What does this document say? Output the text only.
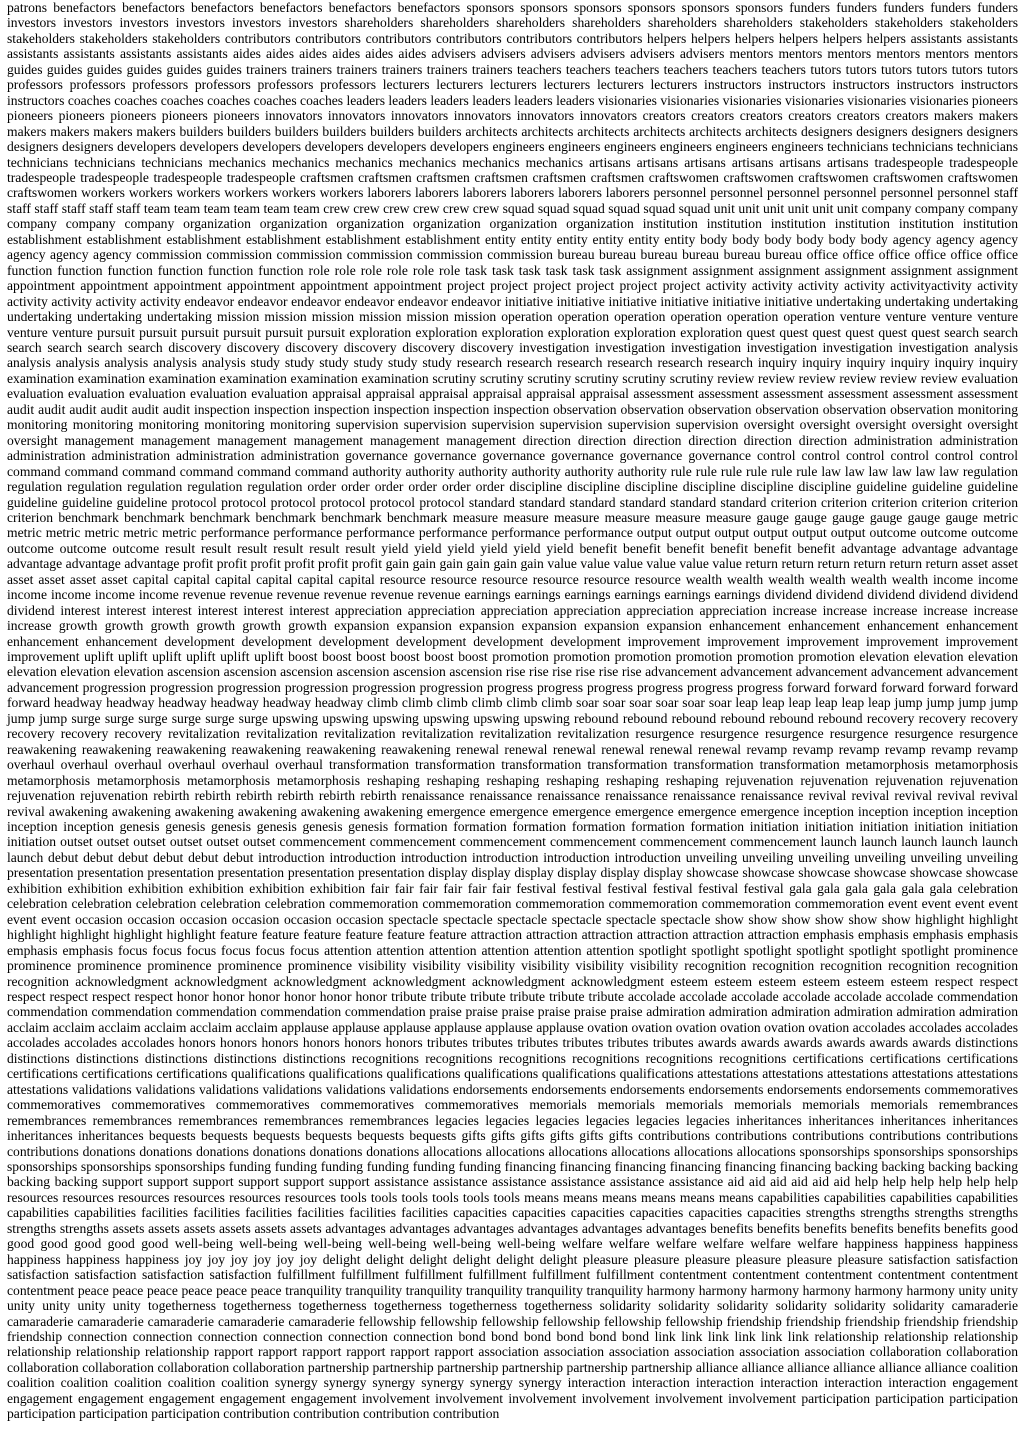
patrons benefactors benefactors benefactors benefactors benefactors benefactors sponsors sponsors sponsors sponsors sponsors sponsors funders funders funders funders funders investors investors investors investors investors investors shareholders shareholders shareholders shareholders shareholders shareholders stakeholders stakeholders stakeholders stakeholders stakeholders stakeholders contributors contributors contributors contributors contributors contributors helpers helpers helpers helpers helpers helpers assistants assistants assistants assistants assistants assistants aides aides aides aides aides aides advisers advisers advisers advisers advisers advisers mentors mentors mentors mentors mentors mentors guides guides guides guides guides guides trainers trainers trainers trainers trainers trainers teachers teachers teachers teachers teachers teachers tutors tutors tutors tutors tutors tutors professors professors professors professors professors professors lecturers lecturers lecturers lecturers lecturers lecturers instructors instructors instructors instructors instructors instructors coaches coaches coaches coaches coaches coaches leaders leaders leaders leaders leaders leaders visionaries visionaries visionaries visionaries visionaries visionaries pioneers pioneers pioneers pioneers pioneers pioneers innovators innovators innovators innovators innovators innovators creators creators creators creators creators creators makers makers makers makers makers makers builders builders builders builders builders builders architects architects architects architects architects architects designers designers designers designers designers designers developers developers developers developers developers developers engineers engineers engineers engineers engineers engineers technicians technicians technicians technicians technicians technicians mechanics mechanics mechanics mechanics mechanics mechanics artisans artisans artisans artisans artisans artisans tradespeople tradespeople tradespeople tradespeople tradespeople tradespeople craftsmen craftsmen craftsmen craftsmen craftsmen craftsmen craftswomen craftswomen craftswomen craftswomen craftswomen craftswomen workers workers workers workers workers workers laborers laborers laborers laborers laborers laborers personnel personnel personnel personnel personnel personnel staff staff staff staff staff staff team team team team team team crew crew crew crew crew crew squad squad squad squad squad squad unit unit unit unit unit unit company company company company company company organization organization organization organization organization organization institution institution institution institution institution institution establishment establishment establishment establishment establishment establishment entity entity entity entity entity entity body body body body body body agency agency agency agency agency agency commission commission commission commission commission commission bureau bureau bureau bureau bureau bureau office office office office office office function function function function function function role role role role role role task task task task task task assignment assignment assignment assignment assignment assignment appointment appointment appointment appointment appointment appointment project project project project project project activity activity activity activity activityactivity activity activity activity activity activity endeavor endeavor endeavor endeavor endeavor endeavor initiative initiative initiative initiative initiative initiative undertaking undertaking undertaking undertaking undertaking undertaking mission mission mission mission mission mission operation operation operation operation operation operation venture venture venture venture venture venture pursuit pursuit pursuit pursuit pursuit pursuit exploration exploration exploration exploration exploration exploration quest quest quest quest quest quest search search search search search search discovery discovery discovery discovery discovery discovery investigation investigation investigation investigation investigation investigation analysis analysis analysis analysis analysis analysis study study study study study study research research research research research research inquiry inquiry inquiry inquiry inquiry inquiry examination examination examination examination examination examination scrutiny scrutiny scrutiny scrutiny scrutiny scrutiny review review review review review review evaluation evaluation evaluation evaluation evaluation evaluation appraisal appraisal appraisal appraisal appraisal appraisal assessment assessment assessment assessment assessment assessment audit audit audit audit audit audit inspection inspection inspection inspection inspection inspection observation observation observation observation observation observation monitoring monitoring monitoring monitoring monitoring monitoring supervision supervision supervision supervision supervision supervision oversight oversight oversight oversight oversight oversight management management management management management management direction direction direction direction direction direction administration administration administration administration administration administration governance governance governance governance governance governance control control control control control control command command command command command command authority authority authority authority authority authority rule rule rule rule rule rule law law law law law law regulation regulation regulation regulation regulation regulation order order order order order order discipline discipline discipline discipline discipline discipline guideline guideline guideline guideline guideline guideline protocol protocol protocol protocol protocol protocol standard standard standard standard standard standard criterion criterion criterion criterion criterion criterion benchmark benchmark benchmark benchmark benchmark benchmark measure measure measure measure measure measure gauge gauge gauge gauge gauge gauge metric metric metric metric metric metric performance performance performance performance performance performance output output output output output output outcome outcome outcome outcome outcome outcome result result result result result result yield yield yield yield yield yield benefit benefit benefit benefit benefit benefit advantage advantage advantage advantage advantage advantage profit profit profit profit profit profit gain gain gain gain gain gain value value value value value value return return return return return return asset asset asset asset asset asset capital capital capital capital capital capital resource resource resource resource resource resource wealth wealth wealth wealth wealth wealth income income income income income income revenue revenue revenue revenue revenue revenue earnings earnings earnings earnings earnings earnings dividend dividend dividend dividend dividend dividend interest interest interest interest interest interest appreciation appreciation appreciation appreciation appreciation appreciation increase increase increase increase increase increase growth growth growth growth growth growth expansion expansion expansion expansion expansion expansion enhancement enhancement enhancement enhancement enhancement enhancement development development development development development development improvement improvement improvement improvement improvement improvement uplift uplift uplift uplift uplift uplift boost boost boost boost boost boost promotion promotion promotion promotion promotion promotion elevation elevation elevation elevation elevation elevation ascension ascension ascension ascension ascension ascension rise rise rise rise rise rise advancement advancement advancement advancement advancement advancement progression progression progression progression progression progression progress progress progress progress progress progress forward forward forward forward forward forward headway headway headway headway headway headway climb climb climb climb climb climb soar soar soar soar soar soar leap leap leap leap leap leap jump jump jump jump jump jump surge surge surge surge surge surge upswing upswing upswing upswing upswing upswing rebound rebound rebound rebound rebound rebound recovery recovery recovery recovery recovery recovery revitalization revitalization revitalization revitalization revitalization revitalization resurgence resurgence resurgence resurgence resurgence resurgence reawakening reawakening reawakening reawakening reawakening reawakening renewal renewal renewal renewal renewal renewal revamp revamp revamp revamp revamp revamp overhaul overhaul overhaul overhaul overhaul overhaul transformation transformation transformation transformation transformation transformation metamorphosis metamorphosis metamorphosis metamorphosis metamorphosis metamorphosis reshaping reshaping reshaping reshaping reshaping reshaping rejuvenation rejuvenation rejuvenation rejuvenation rejuvenation rejuvenation rebirth rebirth rebirth rebirth rebirth rebirth renaissance renaissance renaissance renaissance renaissance renaissance revival revival revival revival revival revival awakening awakening awakening awakening awakening awakening emergence emergence emergence emergence emergence emergence inception inception inception inception inception inception genesis genesis genesis genesis genesis genesis formation formation formation formation formation formation initiation initiation initiation initiation initiation initiation outset outset outset outset outset outset commencement commencement commencement commencement commencement commencement launch launch launch launch launch launch debut debut debut debut debut debut introduction introduction introduction introduction introduction introduction unveiling unveiling unveiling unveiling unveiling unveiling presentation presentation presentation presentation presentation presentation display display display display display display showcase showcase showcase showcase showcase showcase exhibition exhibition exhibition exhibition exhibition exhibition fair fair fair fair fair fair festival festival festival festival festival festival gala gala gala gala gala gala celebration celebration celebration celebration celebration celebration commemoration commemoration commemoration commemoration commemoration commemoration event event event event event event occasion occasion occasion occasion occasion occasion spectacle spectacle spectacle spectacle spectacle spectacle show show show show show show highlight highlight highlight highlight highlight highlight feature feature feature feature feature feature attraction attraction attraction attraction attraction attraction emphasis emphasis emphasis emphasis emphasis emphasis focus focus focus focus focus focus attention attention attention attention attention attention spotlight spotlight spotlight spotlight spotlight spotlight prominence prominence prominence prominence prominence prominence visibility visibility visibility visibility visibility visibility recognition recognition recognition recognition recognition recognition acknowledgment acknowledgment acknowledgment acknowledgment acknowledgment acknowledgment esteem esteem esteem esteem esteem esteem respect respect respect respect respect respect honor honor honor honor honor honor tribute tribute tribute tribute tribute tribute accolade accolade accolade accolade accolade accolade commendation commendation commendation commendation commendation commendation praise praise praise praise praise praise admiration admiration admiration admiration admiration admiration acclaim acclaim acclaim acclaim acclaim acclaim applause applause applause applause applause applause ovation ovation ovation ovation ovation ovation accolades accolades accolades accolades accolades accolades honors honors honors honors honors honors tributes tributes tributes tributes tributes tributes awards awards awards awards awards awards distinctions distinctions distinctions distinctions distinctions distinctions recognitions recognitions recognitions recognitions recognitions recognitions certifications certifications certifications certifications certifications certifications qualifications qualifications qualifications qualifications qualifications qualifications attestations attestations attestations attestations attestations attestations validations validations validations validations validations validations endorsements endorsements endorsements endorsements endorsements endorsements commemoratives commemoratives commemoratives commemoratives commemoratives commemoratives memorials memorials memorials memorials memorials memorials remembrances remembrances remembrances remembrances remembrances remembrances legacies legacies legacies legacies legacies legacies inheritances inheritances inheritances inheritances inheritances inheritances bequests bequests bequests bequests bequests bequests gifts gifts gifts gifts gifts gifts contributions contributions contributions contributions contributions contributions donations donations donations donations donations donations allocations allocations allocations allocations allocations allocations sponsorships sponsorships sponsorships sponsorships sponsorships sponsorships funding funding funding funding funding funding financing financing financing financing financing financing backing backing backing backing backing backing support support support support support support assistance assistance assistance assistance assistance assistance aid aid aid aid aid aid help help help help help help resources resources resources resources resources resources tools tools tools tools tools tools means means means means means means capabilities capabilities capabilities capabilities capabilities capabilities facilities facilities facilities facilities facilities facilities capacities capacities capacities capacities capacities capacities strengths strengths strengths strengths strengths strengths assets assets assets assets assets assets advantages advantages advantages advantages advantages advantages benefits benefits benefits benefits benefits benefits good good good good good good well-being well-being well-being well-being well-being well-being welfare welfare welfare welfare welfare welfare happiness happiness happiness happiness happiness happiness joy joy joy joy joy joy delight delight delight delight delight delight pleasure pleasure pleasure pleasure pleasure pleasure satisfaction satisfaction satisfaction satisfaction satisfaction satisfaction fulfillment fulfillment fulfillment fulfillment fulfillment fulfillment contentment contentment contentment contentment contentment contentment peace peace peace peace peace peace tranquility tranquility tranquility tranquility tranquility tranquility harmony harmony harmony harmony harmony harmony unity unity unity unity unity unity togetherness togetherness togetherness togetherness togetherness togetherness solidarity solidarity solidarity solidarity solidarity solidarity camaraderie camaraderie camaraderie camaraderie camaraderie camaraderie fellowship fellowship fellowship fellowship fellowship fellowship friendship friendship friendship friendship friendship friendship connection connection connection connection connection connection bond bond bond bond bond bond link link link link link link relationship relationship relationship relationship relationship relationship rapport rapport rapport rapport rapport rapport association association association association association association collaboration collaboration collaboration collaboration collaboration collaboration partnership partnership partnership partnership partnership partnership alliance alliance alliance alliance alliance alliance coalition coalition coalition coalition coalition coalition synergy synergy synergy synergy synergy synergy interaction interaction interaction interaction interaction interaction engagement engagement engagement engagement engagement engagement involvement involvement involvement involvement involvement involvement participation participation participation participation participation participation contribution contribution contribution contribution
